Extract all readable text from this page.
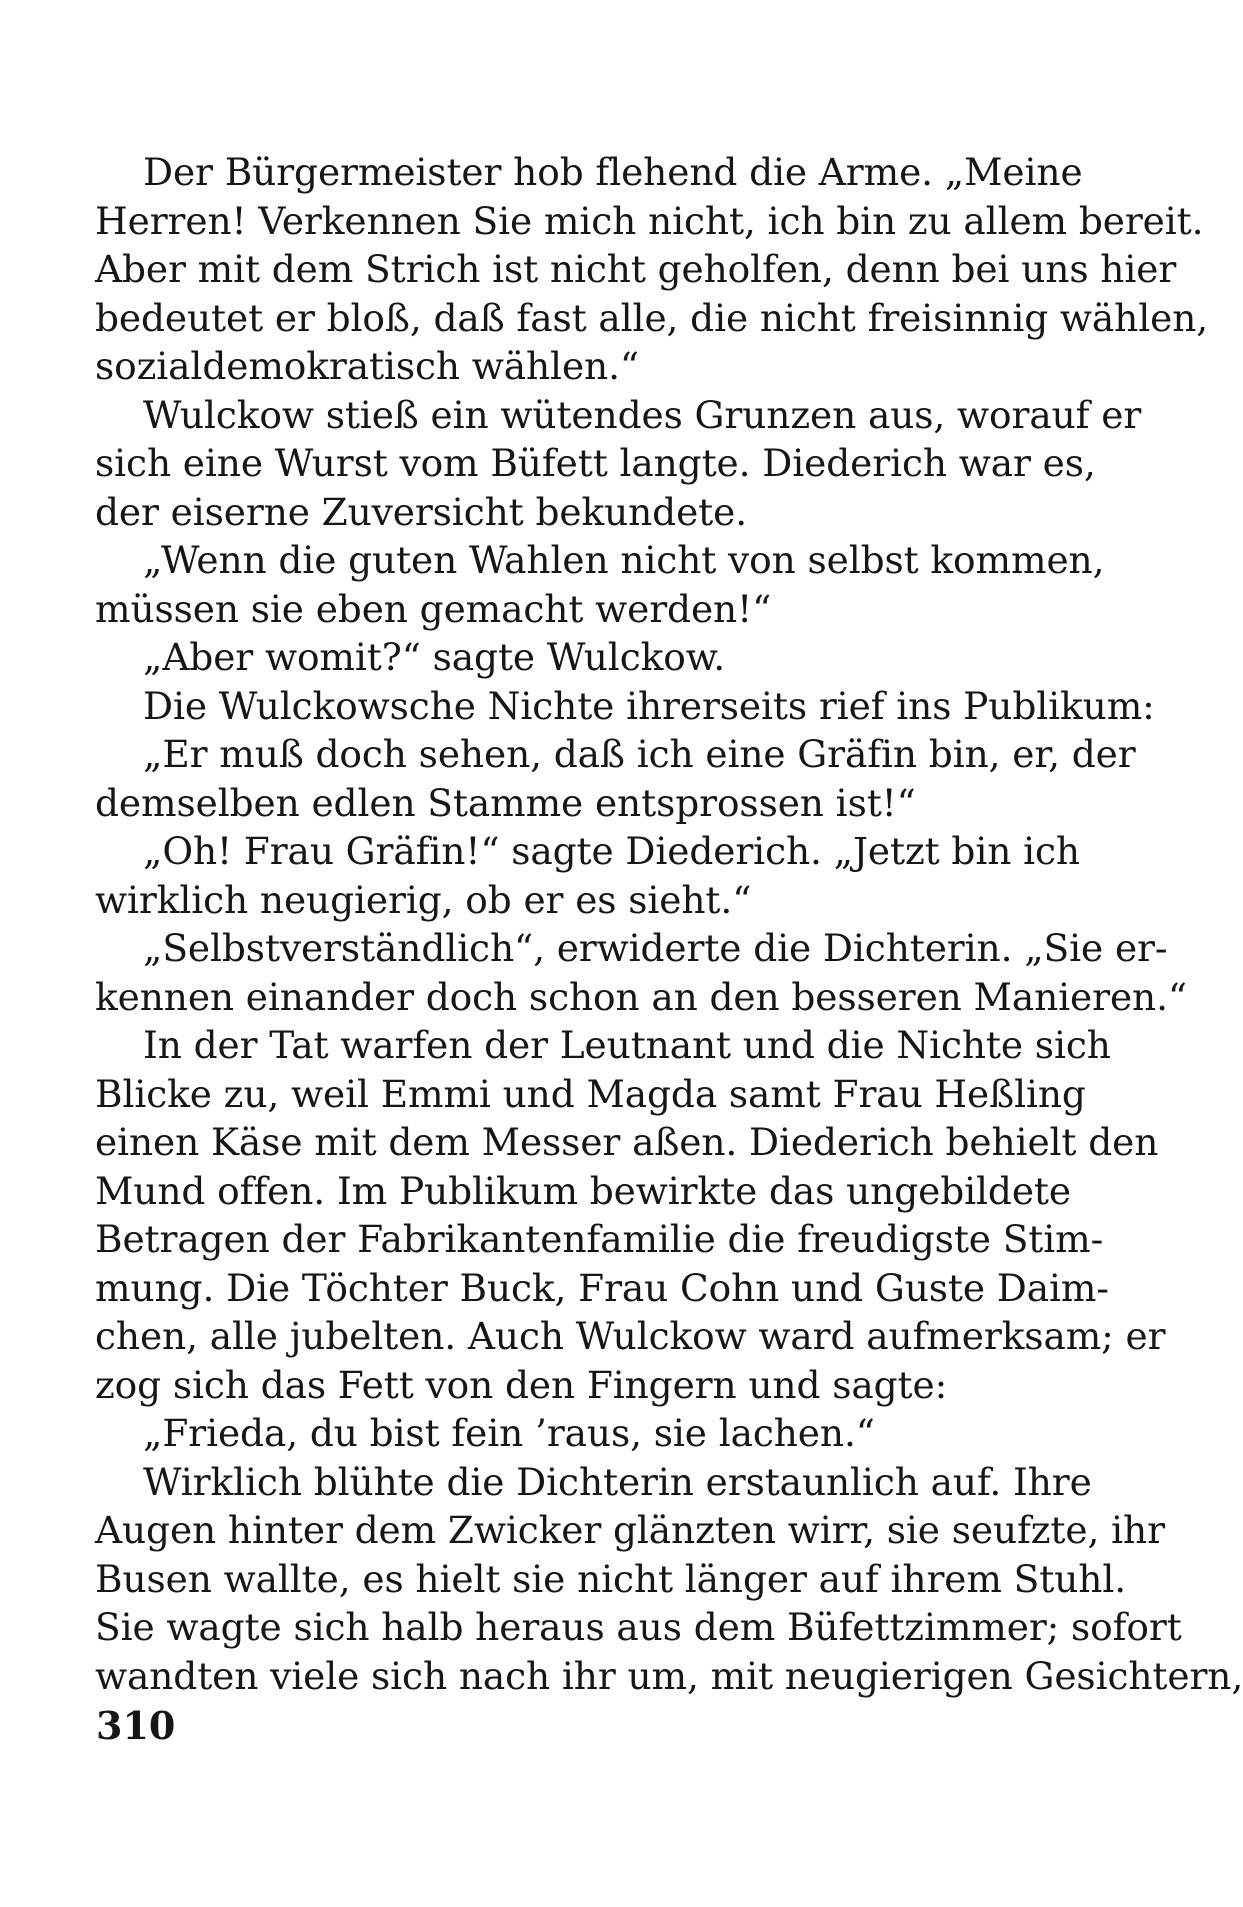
Der Bürgermeister hob flehend die Arme. „Meine
Herren! Verkennen Sie mich nicht, ich bin zu allem bereit.
Aber mit dem Strich ist nicht geholfen, denn bei uns hier
bedeutet er bloß, daß fast alle, die nicht freisinnig wählen,
sozialdemokratisch wählen.“
Wulckow stieß ein wütendes Grunzen aus, worauf er
sich eine Wurst vom Büfett langte. Diederich war es,
der eiserne Zuversicht bekundete.
„Wenn die guten Wahlen nicht von selbst kommen,
müssen sie eben gemacht werden!“
„Aber womit?“ sagte Wulckow.
Die Wulckowsche Nichte ihrerseits rief ins Publikum:
„Er muß doch sehen, daß ich eine Gräfin bin, er, der
demselben edlen Stamme entsprossen ist!“
„Oh! Frau Gräfin!“ sagte Diederich. „Jetzt bin ich
wirklich neugierig, ob er es sieht.“
„Selbstverständlich“, erwiderte die Dichterin. „Sie er-
kennen einander doch schon an den besseren Manieren.“
In der Tat warfen der Leutnant und die Nichte sich
Blicke zu, weil Emmi und Magda samt Frau Heßling
einen Käse mit dem Messer aßen. Diederich behielt den
Mund offen. Im Publikum bewirkte das ungebildete
Betragen der Fabrikantenfamilie die freudigste Stim-
mung. Die Töchter Buck, Frau Cohn und Guste Daim-
chen, alle jubelten. Auch Wulckow ward aufmerksam; er
zog sich das Fett von den Fingern und sagte:
„Frieda, du bist fein ’raus, sie lachen.“
Wirklich blühte die Dichterin erstaunlich auf. Ihre
Augen hinter dem Zwicker glänzten wirr, sie seufzte, ihr
Busen wallte, es hielt sie nicht länger auf ihrem Stuhl.
Sie wagte sich halb heraus aus dem Büfettzimmer; sofort
wandten viele sich nach ihr um, mit neugierigen Gesichtern,
310
